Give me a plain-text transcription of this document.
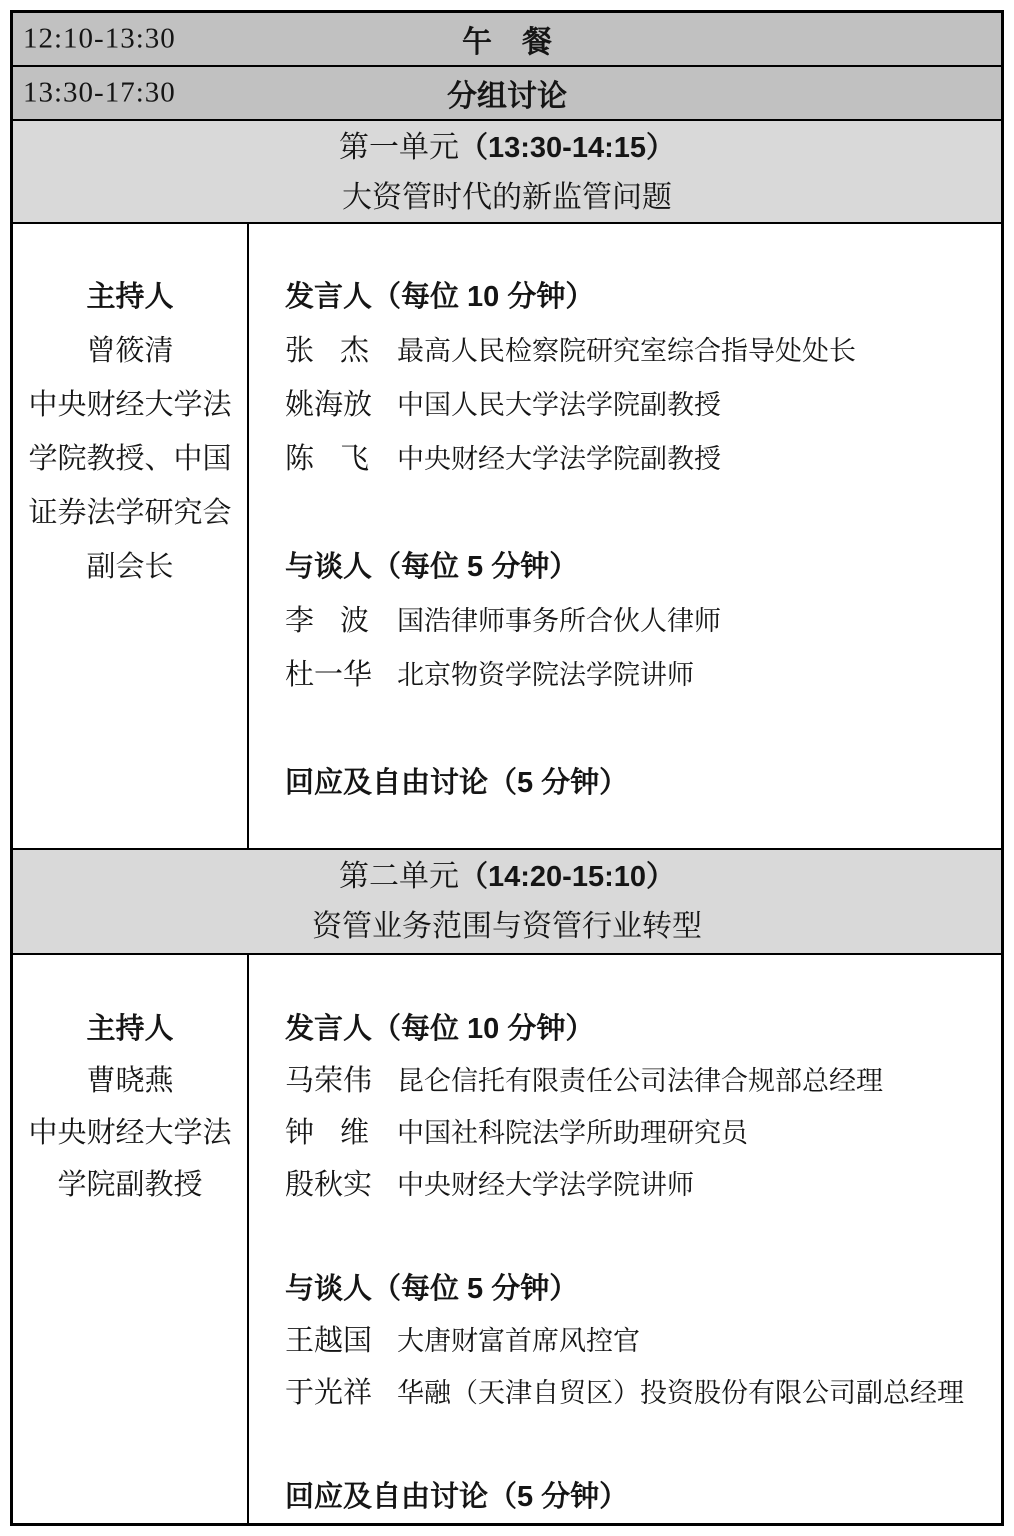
12:10-13:30	午　餐
13:30-17:30	分组讨论
第一单元（13:30-14:15）
大资管时代的新监管问题
主持人
曾筱清
中央财经大学法
学院教授、中国
证券法学研究会
副会长
发言人（每位 10 分钟）
张杰 最高人民检察院研究室综合指导处处长
姚海放 中国人民大学法学院副教授
陈飞 中央财经大学法学院副教授
与谈人（每位 5 分钟）
李波 国浩律师事务所合伙人律师
杜一华 北京物资学院法学院讲师
回应及自由讨论（5 分钟）
第二单元（14:20-15:10）
资管业务范围与资管行业转型
主持人
曹晓燕
中央财经大学法
学院副教授
发言人（每位 10 分钟）
马荣伟 昆仑信托有限责任公司法律合规部总经理
钟维 中国社科院法学所助理研究员
殷秋实 中央财经大学法学院讲师
与谈人（每位 5 分钟）
王越国 大唐财富首席风控官
于光祥 华融（天津自贸区）投资股份有限公司副总经理
回应及自由讨论（5 分钟）
